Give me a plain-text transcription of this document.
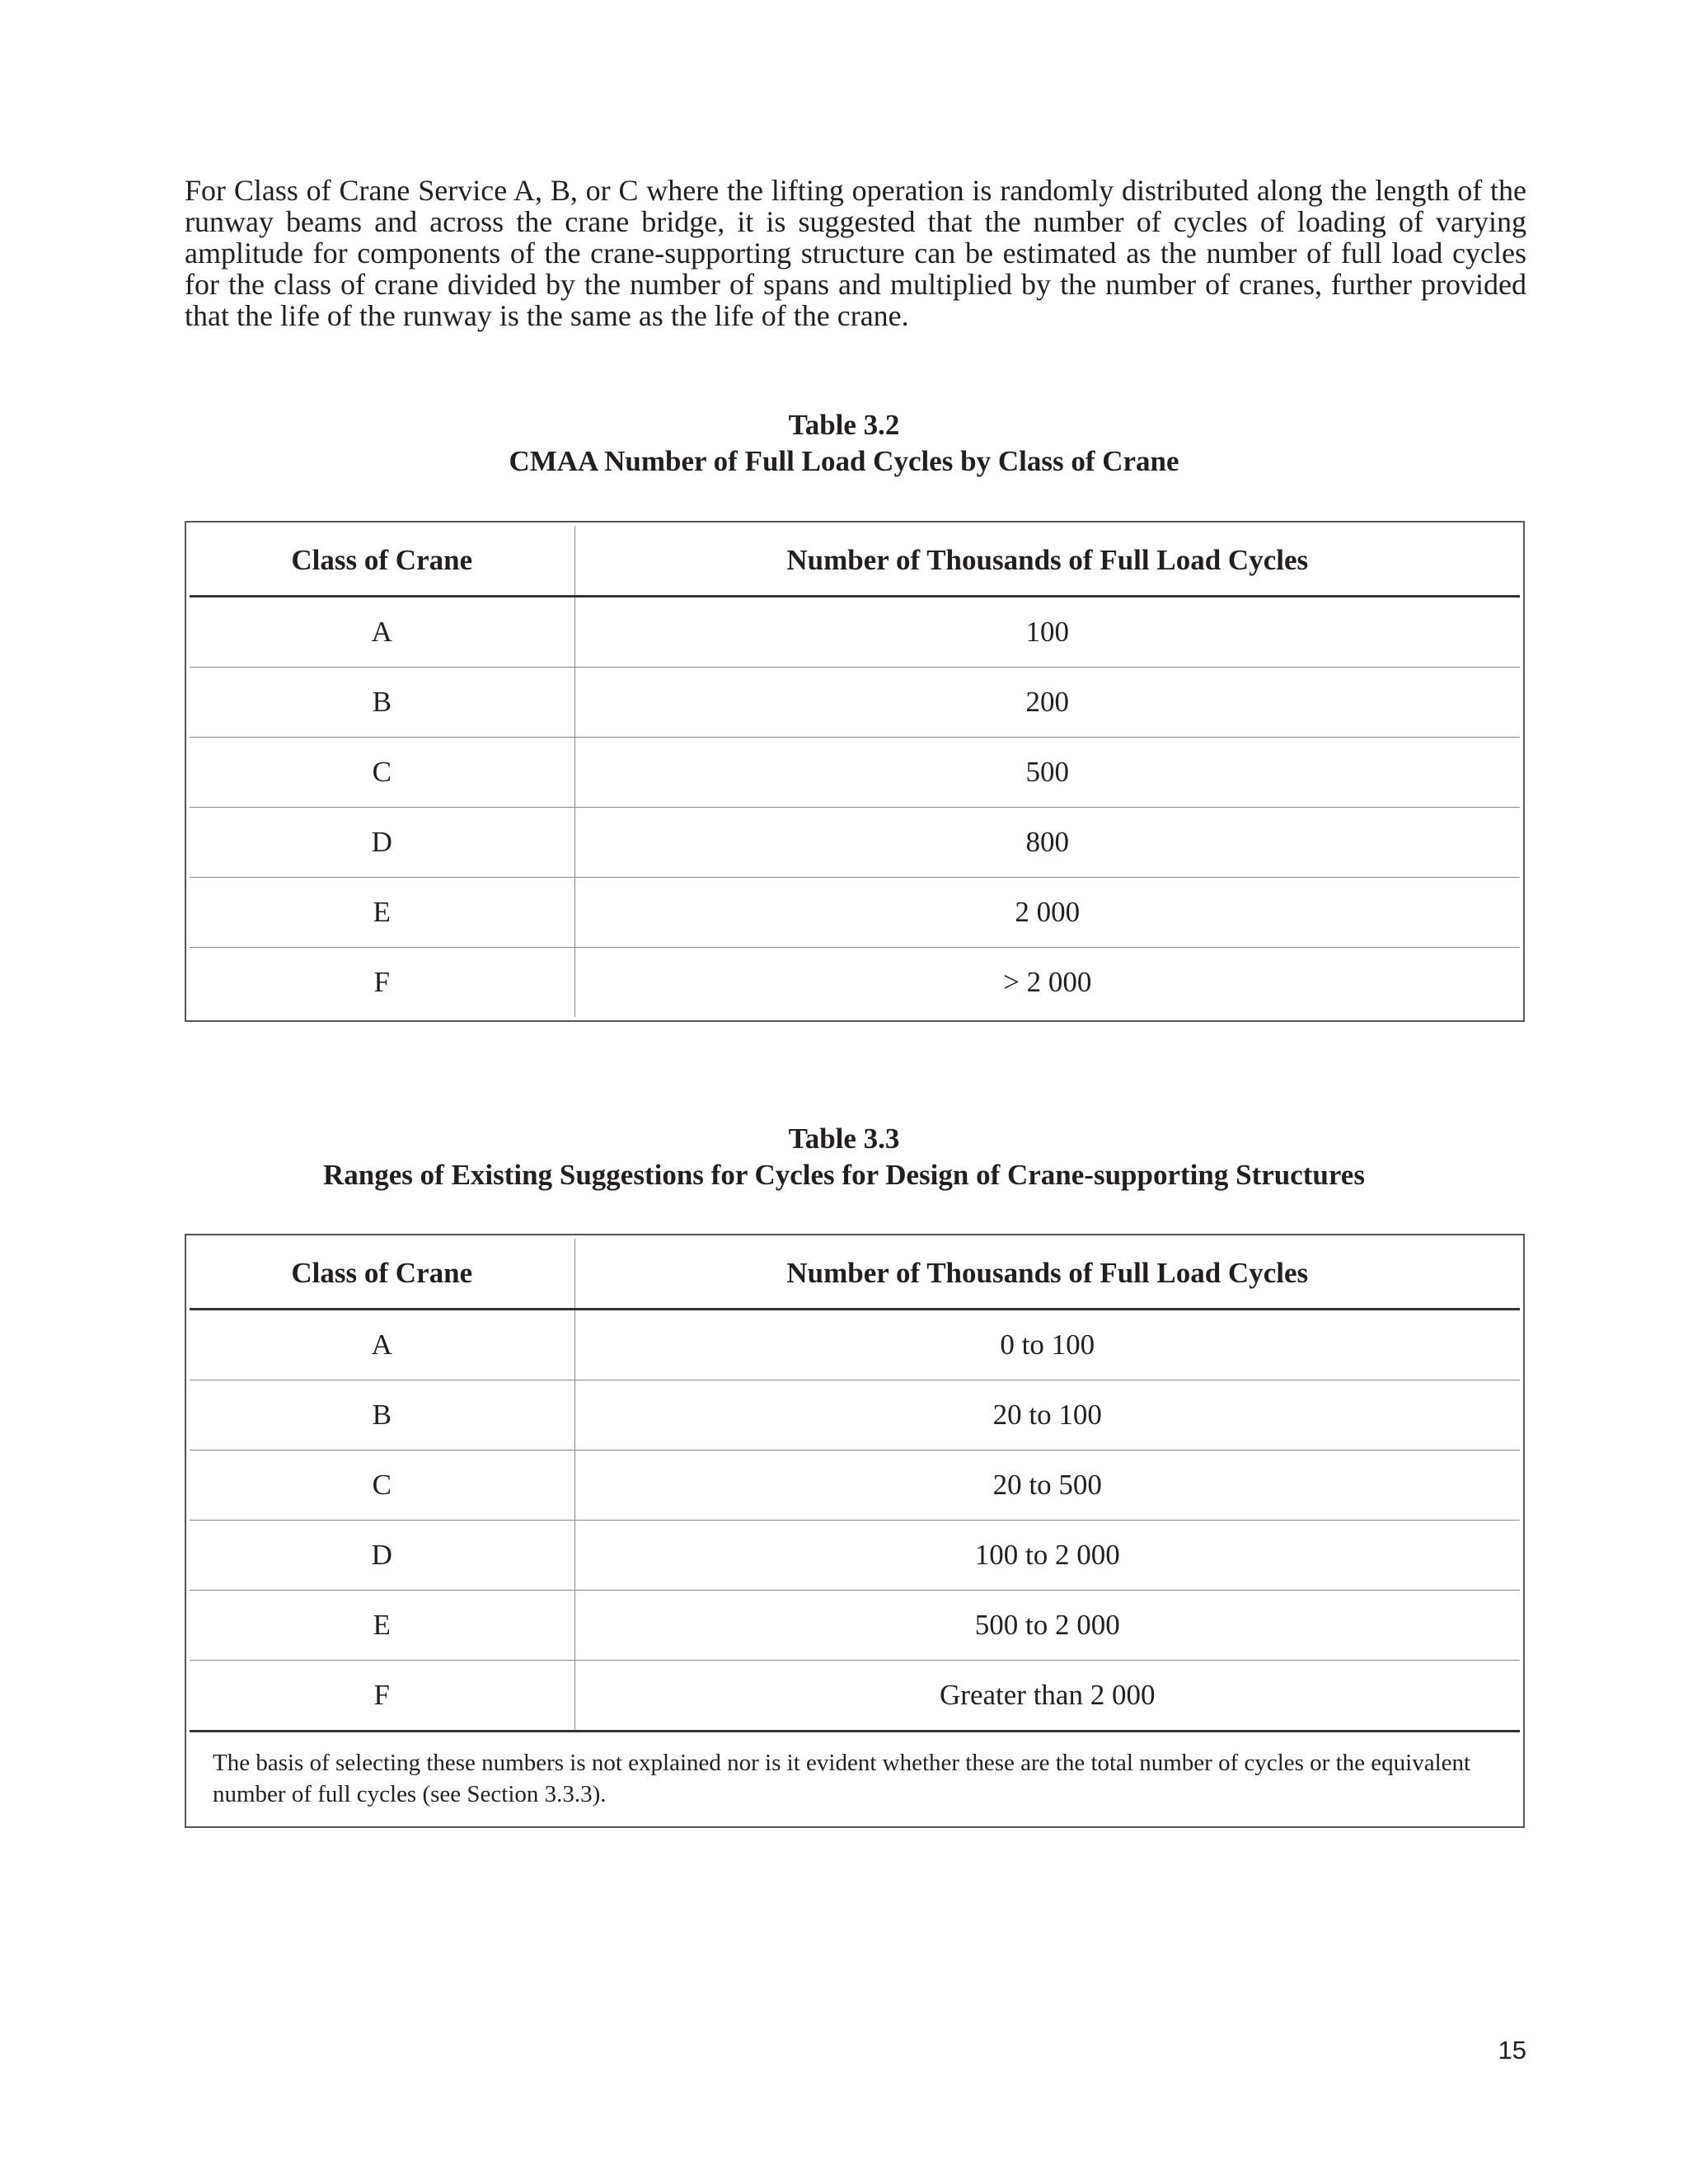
For Class of Crane Service A, B, or C where the lifting operation is randomly distributed along the length of the runway beams and across the crane bridge, it is suggested that the number of cycles of loading of varying amplitude for components of the crane-supporting structure can be estimated as the number of full load cycles for the class of crane divided by the number of spans and multiplied by the number of cranes, further provided that the life of the runway is the same as the life of the crane.

Table 3.2
CMAA Number of Full Load Cycles by Class of Crane
Class of Crane	Number of Thousands of Full Load Cycles
A	100
B	200
C	500
D	800
E	2 000
F	> 2 000
Table 3.3
Ranges of Existing Suggestions for Cycles for Design of Crane-supporting Structures
Class of Crane	Number of Thousands of Full Load Cycles
A	0 to 100
B	20 to 100
C	20 to 500
D	100 to 2 000
E	500 to 2 000
F	Greater than 2 000
The basis of selecting these numbers is not explained nor is it evident whether these are the total number of cycles or the equivalent number of full cycles (see Section 3.3.3).	
15
